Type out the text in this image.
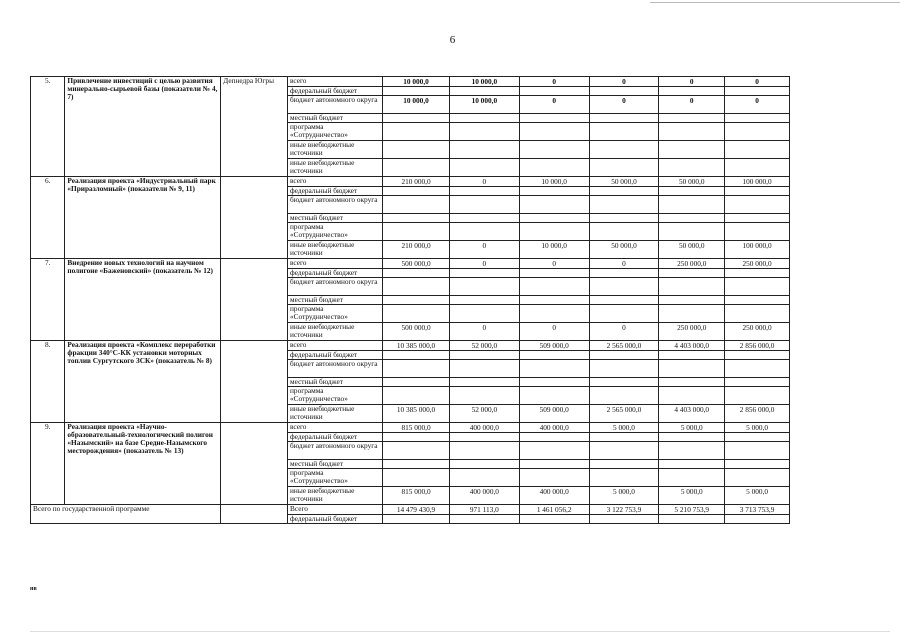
6
5.	Привлечение инвестиций с целью развития минерально-сырьевой базы (показатели № 4, 7)	Депнедра Югры	всего	10 000,0	10 000,0	0	0	0	0
			федеральный бюджет						
			бюджет автономного округа	10 000,0	10 000,0	0	0	0	0
			местный бюджет						
			программа «Сотрудничество»						
			иные внебюджетные источники						
			иные внебюджетные источники						
6.	Реализация проекта «Индустриальный парк «Приразломный» (показатели № 9, 11)		всего	210 000,0	0	10 000,0	50 000,0	50 000,0	100 000,0
			федеральный бюджет						
			бюджет автономного округа						
			местный бюджет						
			программа «Сотрудничество»						
			иные внебюджетные источники	210 000,0	0	10 000,0	50 000,0	50 000,0	100 000,0
7.	Внедрение новых технологий на научном полигоне «Баженовский» (показатель № 12)		всего	500 000,0	0	0	0	250 000,0	250 000,0
			федеральный бюджет						
			бюджет автономного округа						
			местный бюджет						
			программа «Сотрудничество»						
			иные внебюджетные источники	500 000,0	0	0	0	250 000,0	250 000,0
8.	Реализация проекта «Комплекс переработки фракции 340°С-КК установки моторных топлив Сургутского ЗСК» (показатель № 8)		всего	10 385 000,0	52 000,0	509 000,0	2 565 000,0	4 403 000,0	2 856 000,0
			федеральный бюджет						
			бюджет автономного округа						
			местный бюджет						
			программа «Сотрудничество»						
			иные внебюджетные источники	10 385 000,0	52 000,0	509 000,0	2 565 000,0	4 403 000,0	2 856 000,0
9.	Реализация проекта «Научно-образовательный-технологический полигон «Назымский» на базе Средне-Назымского месторождения» (показатель № 13)		всего	815 000,0	400 000,0	400 000,0	5 000,0	5 000,0	5 000,0
			федеральный бюджет						
			бюджет автономного округа						
			местный бюджет						
			программа «Сотрудничество»						
			иные внебюджетные источники	815 000,0	400 000,0	400 000,0	5 000,0	5 000,0	5 000,0
Всего по государственной программе			Всего	14 479 430,9	971 113,0	1 461 056,2	3 122 753,9	5 210 753,9	3 713 753,9
			федеральный бюджет						
нв
